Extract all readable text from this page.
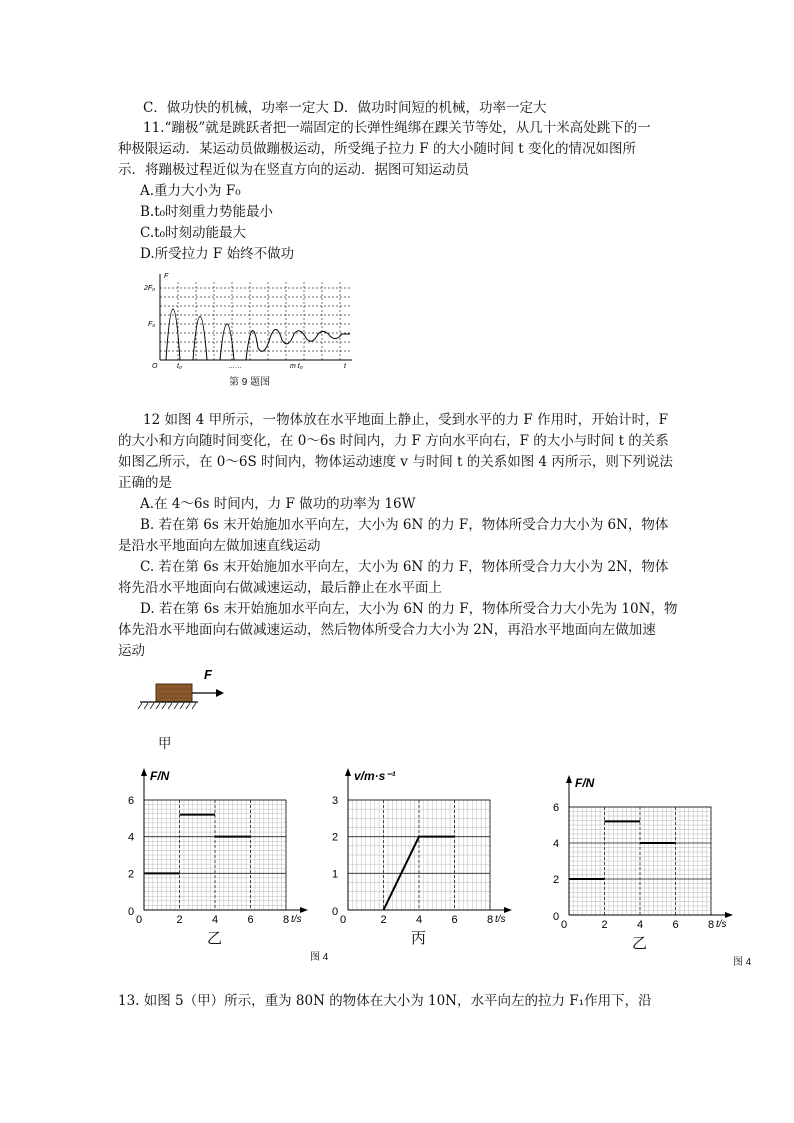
C．做功快的机械，功率一定大 D．做功时间短的机械，功率一定大
11.“蹦极”就是跳跃者把一端固定的长弹性绳绑在踝关节等处，从几十米高处跳下的一
种极限运动．某运动员做蹦极运动，所受绳子拉力 F 的大小随时间 t 变化的情况如图所
示．将蹦极过程近似为在竖直方向的运动．据图可知运动员
A.重力大小为 F₀
B.t₀时刻重力势能最小
C.t₀时刻动能最大
D.所受拉力 F 始终不做功
F
2F₀
F₀
O	t₀	……	m t₀	t
第 9 题图
12 如图 4 甲所示，一物体放在水平地面上静止，受到水平的力 F 作用时，开始计时，F
的大小和方向随时间变化，在 0～6s 时间内，力 F 方向水平向右，F 的大小与时间 t 的关系
如图乙所示，在 0～6S 时间内，物体运动速度 v 与时间 t 的关系如图 4 丙所示，则下列说法
正确的是
A.在 4～6s 时间内，力 F 做功的功率为 16W
B. 若在第 6s 末开始施加水平向左，大小为 6N 的力 F，物体所受合力大小为 6N，物体
是沿水平地面向左做加速直线运动
C. 若在第 6s 末开始施加水平向左，大小为 6N 的力 F，物体所受合力大小为 2N，物体
将先沿水平地面向右做减速运动，最后静止在水平面上
D. 若在第 6s 末开始施加水平向左，大小为 6N 的力 F，物体所受合力大小先为 10N，物
体先沿水平地面向右做减速运动，然后物体所受合力大小为 2N，再沿水平地面向左做加速
运动
F
甲
0	2	4	6	8
2
4
6
0
F/N
t/s
乙
0	2	4	6	8
1
2
3
0
v/m·s⁻¹
t/s
丙
0	2	4	6	8
2
4
6
0
F/N
t/s
乙
图 4	图 4
13. 如图 5（甲）所示，重为 80N 的物体在大小为 10N，水平向左的拉力 F₁作用下，沿
